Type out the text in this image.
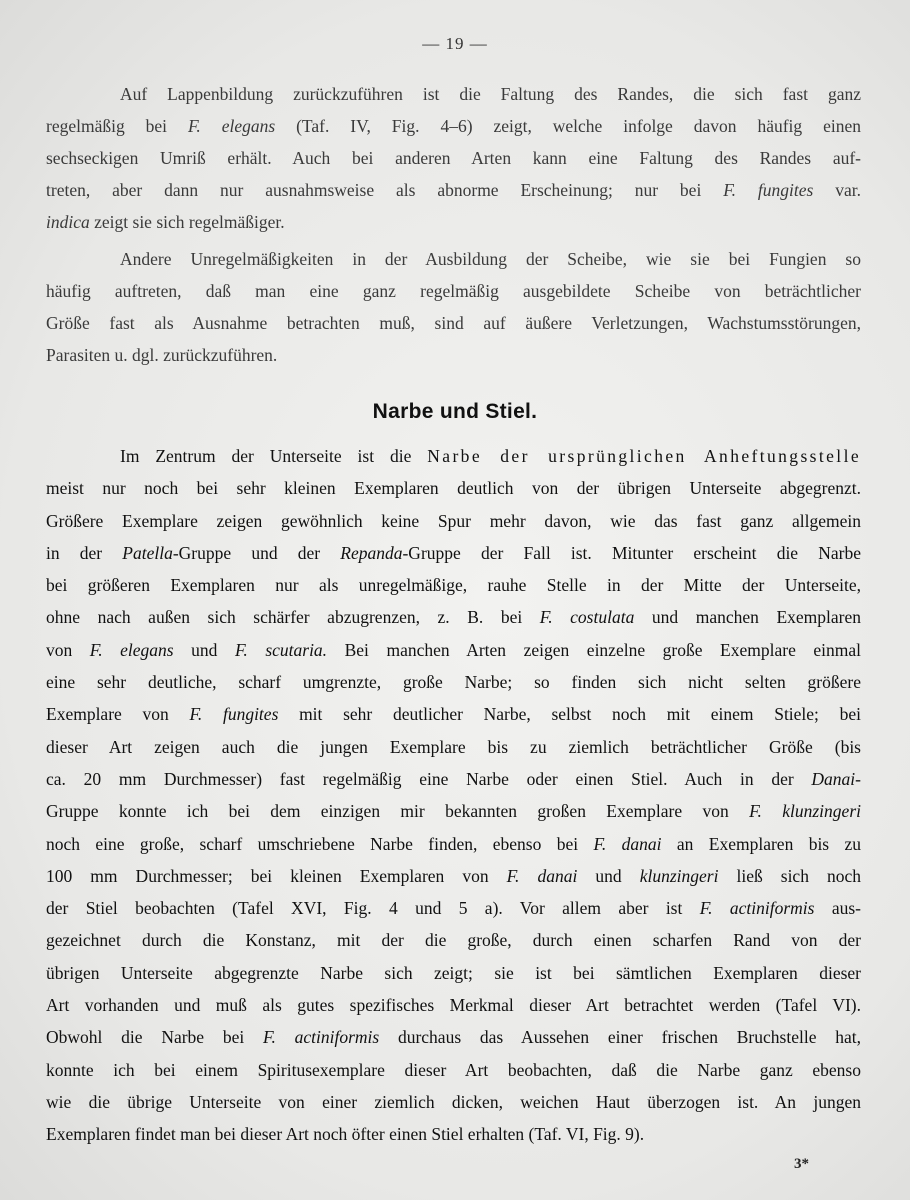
— 19 —
Auf Lappenbildung zurückzuführen ist die Faltung des Randes, die sich fast ganz
regelmäßig bei F. elegans (Taf. IV, Fig. 4–6) zeigt, welche infolge davon häufig einen
sechseckigen Umriß erhält. Auch bei anderen Arten kann eine Faltung des Randes auf-
treten, aber dann nur ausnahmsweise als abnorme Erscheinung; nur bei F. fungites var.
indica zeigt sie sich regelmäßiger.
Andere Unregelmäßigkeiten in der Ausbildung der Scheibe, wie sie bei Fungien so
häufig auftreten, daß man eine ganz regelmäßig ausgebildete Scheibe von beträchtlicher
Größe fast als Ausnahme betrachten muß, sind auf äußere Verletzungen, Wachstumsstörungen,
Parasiten u. dgl. zurückzuführen.
Narbe und Stiel.
Im Zentrum der Unterseite ist die Narbe der ursprünglichen Anheftungsstelle
meist nur noch bei sehr kleinen Exemplaren deutlich von der übrigen Unterseite abgegrenzt.
Größere Exemplare zeigen gewöhnlich keine Spur mehr davon, wie das fast ganz allgemein
in der Patella-Gruppe und der Repanda-Gruppe der Fall ist. Mitunter erscheint die Narbe
bei größeren Exemplaren nur als unregelmäßige, rauhe Stelle in der Mitte der Unterseite,
ohne nach außen sich schärfer abzugrenzen, z. B. bei F. costulata und manchen Exemplaren
von F. elegans und F. scutaria. Bei manchen Arten zeigen einzelne große Exemplare einmal
eine sehr deutliche, scharf umgrenzte, große Narbe; so finden sich nicht selten größere
Exemplare von F. fungites mit sehr deutlicher Narbe, selbst noch mit einem Stiele; bei
dieser Art zeigen auch die jungen Exemplare bis zu ziemlich beträchtlicher Größe (bis
ca. 20 mm Durchmesser) fast regelmäßig eine Narbe oder einen Stiel. Auch in der Danai-
Gruppe konnte ich bei dem einzigen mir bekannten großen Exemplare von F. klunzingeri
noch eine große, scharf umschriebene Narbe finden, ebenso bei F. danai an Exemplaren bis zu
100 mm Durchmesser; bei kleinen Exemplaren von F. danai und klunzingeri ließ sich noch
der Stiel beobachten (Tafel XVI, Fig. 4 und 5 a). Vor allem aber ist F. actiniformis aus-
gezeichnet durch die Konstanz, mit der die große, durch einen scharfen Rand von der
übrigen Unterseite abgegrenzte Narbe sich zeigt; sie ist bei sämtlichen Exemplaren dieser
Art vorhanden und muß als gutes spezifisches Merkmal dieser Art betrachtet werden (Tafel VI).
Obwohl die Narbe bei F. actiniformis durchaus das Aussehen einer frischen Bruchstelle hat,
konnte ich bei einem Spiritusexemplare dieser Art beobachten, daß die Narbe ganz ebenso
wie die übrige Unterseite von einer ziemlich dicken, weichen Haut überzogen ist. An jungen
Exemplaren findet man bei dieser Art noch öfter einen Stiel erhalten (Taf. VI, Fig. 9).
3*
